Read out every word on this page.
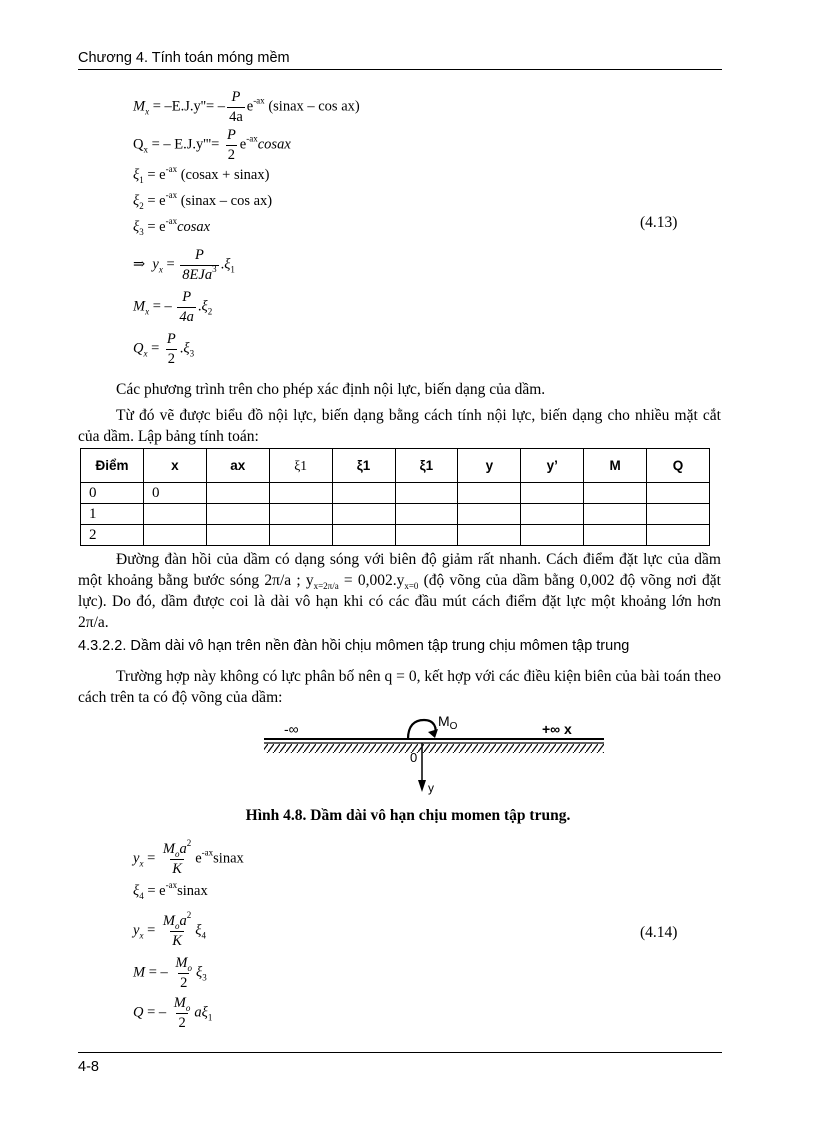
Chương 4. Tính toán móng mềm
$M_x = -E.J.y''= - \frac{P}{4a} e^{-ax}$ (sinax – cos ax)
$Q_x$ = – $E.J.y'''= \frac{P}{2}$ $e^{-ax}cosax$
$\xi_1 = e^{-ax}$ (cosax + sinax)
$\xi_2 = e^{-ax}$ (sinax – cos ax)
$\xi_3$ = $e^{-ax}cosax$	(4.13)
⇒ $y_x = \frac{P}{8EJa^3} .\xi_1$
$M_x$ = – $\frac{P}{4a} .\xi_2$
$Q_x = \frac{P}{2} .\xi_3$
Các phương trình trên cho phép xác định nội lực, biến dạng của dầm.
Từ đó vẽ được biểu đồ nội lực, biến dạng bằng cách tính nội lực, biến dạng cho nhiều mặt cắt của dầm. Lập bảng tính toán:
Điểm	x	ax	ξ1	ξ1	ξ1	y	y’	M	Q
0	0								
1									
2									
Đường đàn hồi của dầm có dạng sóng với biên độ giảm rất nhanh. Cách điểm đặt lực của dầm một khoảng bằng bước sóng 2π/a ; $y_{x=2\pi/a} = 0,002.y_{x=0}$ (độ võng của dầm bằng 0,002 độ võng nơi đặt lực). Do đó, dầm được coi là dài vô hạn khi có các đầu mút cách điểm đặt lực một khoảng lớn hơn 2π/a.
4.3.2.2. Dầm dài vô hạn trên nền đàn hồi chịu mômen tập trung chịu mômen tập trung
Trường hợp này không có lực phân bố nên q = 0, kết hợp với các điều kiện biên của bài toán theo cách trên ta có độ võng của dầm:
-∞	+∞ x
$M_O$
0
y
Hình 4.8. Dầm dài vô hạn chịu momen tập trung.
$y_x = \frac{M_oa^2}{K}$ $e^{-ax}sinax$
$\xi_4$ = $e^{-ax}sinax$
$y_x = \frac{M_oa^2}{K} \xi_4$	(4.14)
M = – $\frac{M_o}{2} \xi_3$
Q = – $\frac{M_o}{2} a\xi_1$
4-8
